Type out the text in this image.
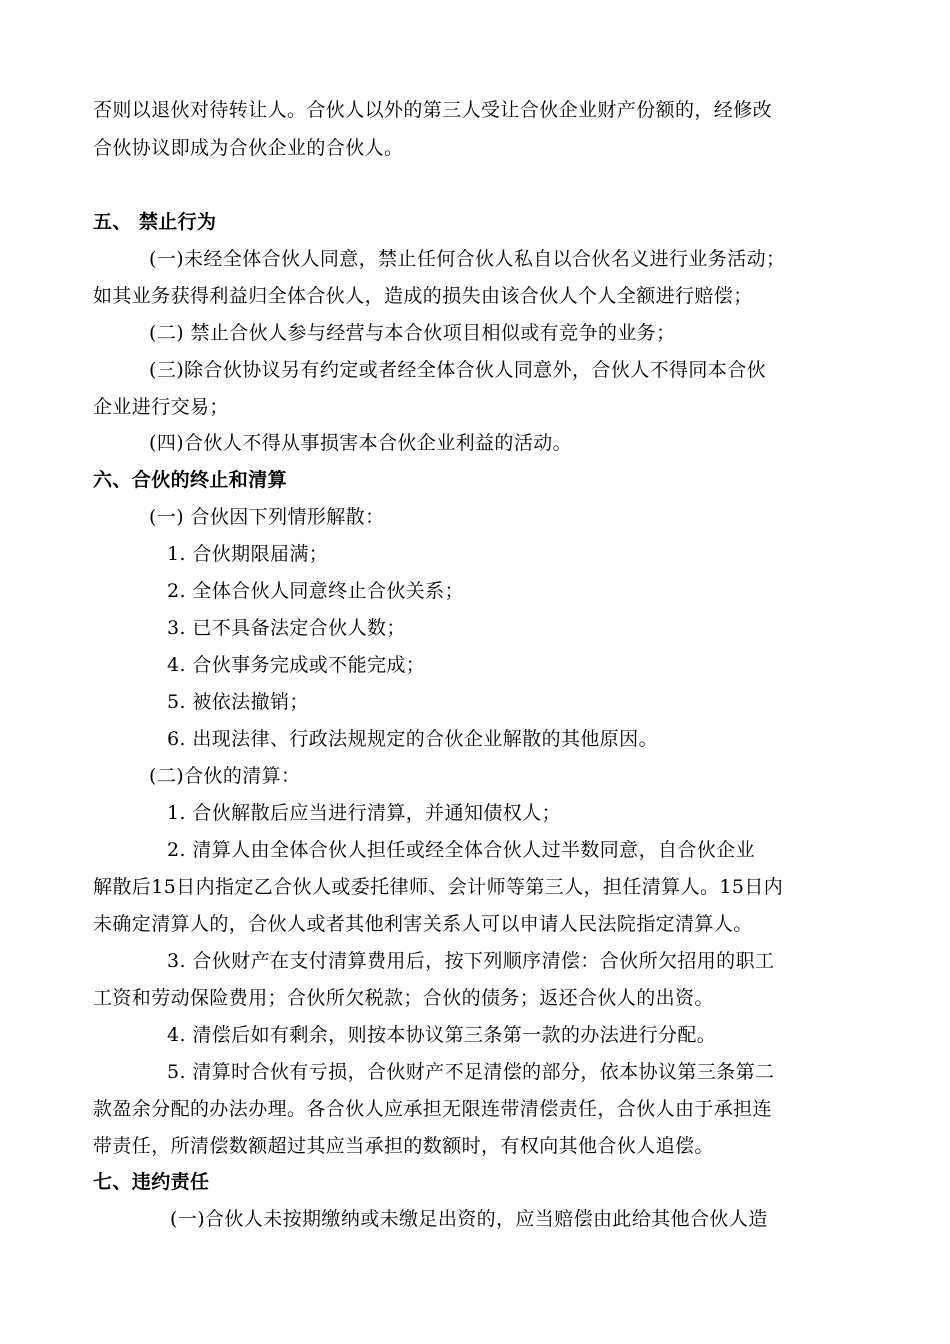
否则以退伙对待转让人。合伙人以外的第三人受让合伙企业财产份额的，经修改
合伙协议即成为合伙企业的合伙人。
五、 禁止行为
(一)未经全体合伙人同意，禁止任何合伙人私自以合伙名义进行业务活动；
如其业务获得利益归全体合伙人，造成的损失由该合伙人个人全额进行赔偿；
(二) 禁止合伙人参与经营与本合伙项目相似或有竞争的业务；
(三)除合伙协议另有约定或者经全体合伙人同意外，合伙人不得同本合伙
企业进行交易；
(四)合伙人不得从事损害本合伙企业利益的活动。
六、合伙的终止和清算
(一) 合伙因下列情形解散：
1. 合伙期限届满；
2. 全体合伙人同意终止合伙关系；
3. 已不具备法定合伙人数；
4. 合伙事务完成或不能完成；
5. 被依法撤销；
6. 出现法律、行政法规规定的合伙企业解散的其他原因。
(二)合伙的清算：
1. 合伙解散后应当进行清算，并通知债权人；
2. 清算人由全体合伙人担任或经全体合伙人过半数同意，自合伙企业
解散后15日内指定乙合伙人或委托律师、会计师等第三人，担任清算人。15日内
未确定清算人的，合伙人或者其他利害关系人可以申请人民法院指定清算人。
3. 合伙财产在支付清算费用后，按下列顺序清偿：合伙所欠招用的职工
工资和劳动保险费用；合伙所欠税款；合伙的债务；返还合伙人的出资。
4. 清偿后如有剩余，则按本协议第三条第一款的办法进行分配。
5. 清算时合伙有亏损，合伙财产不足清偿的部分，依本协议第三条第二
款盈余分配的办法办理。各合伙人应承担无限连带清偿责任，合伙人由于承担连
带责任，所清偿数额超过其应当承担的数额时，有权向其他合伙人追偿。
七、违约责任
(一)合伙人未按期缴纳或未缴足出资的，应当赔偿由此给其他合伙人造
